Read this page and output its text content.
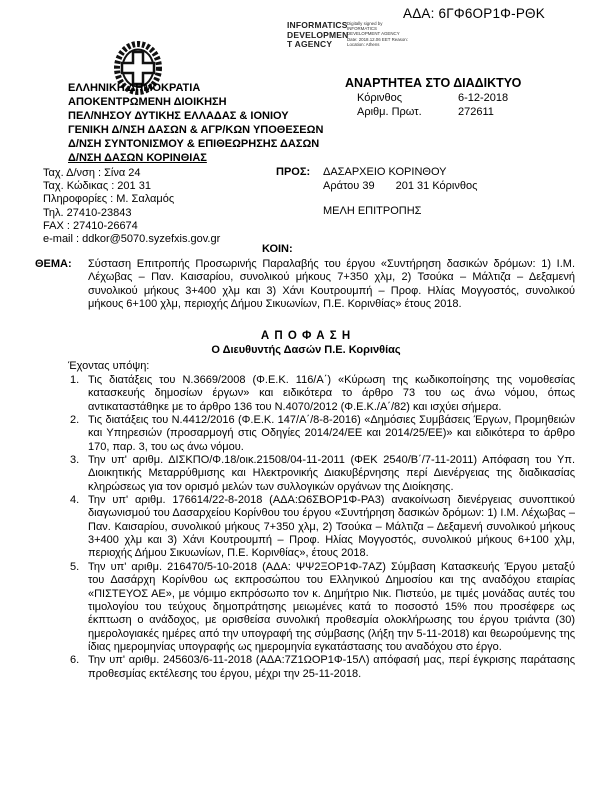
ΑΔΑ: 6ΓΦ6ΟΡ1Φ-ΡΘΚ
INFORMATICS
DEVELOPMEN
T AGENCY
Digitally signed by INFORMATICS DEVELOPMENT AGENCY Date: 2018.12.06 EET Reason: Location: Athens
ΕΛΛΗΝΙΚΗ ΔΗΜΟΚΡΑΤΙΑ
ΑΠΟΚΕΝΤΡΩΜΕΝΗ ΔΙΟΙΚΗΣΗ
ΠΕΛ/ΝΗΣΟΥ ΔΥΤΙΚΗΣ ΕΛΛΑΔΑΣ & ΙΟΝΙΟΥ
ΓΕΝΙΚΗ Δ/ΝΣΗ ΔΑΣΩΝ & ΑΓΡ/ΚΩΝ ΥΠΟΘΕΣΕΩΝ
Δ/ΝΣΗ ΣΥΝΤΟΝΙΣΜΟΥ & ΕΠΙΘΕΩΡΗΣΗΣ ΔΑΣΩΝ
Δ/ΝΣΗ ΔΑΣΩΝ ΚΟΡΙΝΘΙΑΣ
ΑΝΑΡΤΗΤΕΑ ΣΤΟ ΔΙΑΔΙΚΤΥΟ
Κόρινθος	6-12-2018
Αριθμ. Πρωτ.	272611
Ταχ. Δ/νση : Σίνα 24
Ταχ. Κώδικας : 201 31
Πληροφορίες : Μ. Σαλαμός
Τηλ. 27410-23843
FAX : 27410-26674
e-mail : ddkor@5070.syzefxis.gov.gr
ΠΡΟΣ: ΔΑΣΑΡΧΕΙΟ ΚΟΡΙΝΘΟΥ
Αράτου 39 201 31 Κόρινθος
ΜΕΛΗ ΕΠΙΤΡΟΠΗΣ
ΚΟΙΝ:
ΘΕΜΑ: Σύσταση Επιτροπής Προσωρινής Παραλαβής του έργου «Συντήρηση δασικών δρόμων: 1) Ι.Μ. Λέχωβας – Παν. Καισαρίου, συνολικού μήκους 7+350 χλμ, 2) Τσούκα – Μάλτιζα – Δεξαμενή συνολικού μήκους 3+400 χλμ και 3) Χάνι Κουτρουμπή – Προφ. Ηλίας Μογγοστός, συνολικού μήκους 6+100 χλμ, περιοχής Δήμου Σικυωνίων, Π.Ε. Κορινθίας» έτους 2018.
Α Π Ο Φ Α Σ Η
Ο Διευθυντής Δασών Π.Ε. Κορινθίας
Έχοντας υπόψη:
1. Τις διατάξεις του Ν.3669/2008 (Φ.Ε.Κ. 116/Α΄) «Κύρωση της κωδικοποίησης της νομοθεσίας κατασκευής δημοσίων έργων» και ειδικότερα το άρθρο 73 του ως άνω νόμου, όπως αντικαταστάθηκε με το άρθρο 136 του Ν.4070/2012 (Φ.Ε.Κ./Α΄/82) και ισχύει σήμερα.
2. Τις διατάξεις του Ν.4412/2016 (Φ.Ε.Κ. 147/Α΄/8-8-2016) «Δημόσιες Συμβάσεις Έργων, Προμηθειών και Υπηρεσιών (προσαρμογή στις Οδηγίες 2014/24/ΕΕ και 2014/25/ΕΕ)» και ειδικότερα το άρθρο 170, παρ. 3, του ως άνω νόμου.
3. Την υπ' αριθμ. ΔΙΣΚΠΟ/Φ.18/οικ.21508/04-11-2011 (ΦΕΚ 2540/Β΄/7-11-2011) Απόφαση του Υπ. Διοικητικής Μεταρρύθμισης και Ηλεκτρονικής Διακυβέρνησης περί Διενέργειας της διαδικασίας κληρώσεως για τον ορισμό μελών των συλλογικών οργάνων της Διοίκησης.
4. Την υπ' αριθμ. 176614/22-8-2018 (ΑΔΑ:Ω6ΣΒΟΡ1Φ-ΡΑ3) ανακοίνωση διενέργειας συνοπτικού διαγωνισμού του Δασαρχείου Κορίνθου του έργου «Συντήρηση δασικών δρόμων: 1) Ι.Μ. Λέχωβας – Παν. Καισαρίου, συνολικού μήκους 7+350 χλμ, 2) Τσούκα – Μάλτιζα – Δεξαμενή συνολικού μήκους 3+400 χλμ και 3) Χάνι Κουτρουμπή – Προφ. Ηλίας Μογγοστός, συνολικού μήκους 6+100 χλμ, περιοχής Δήμου Σικυωνίων, Π.Ε. Κορινθίας», έτους 2018.
5. Την υπ' αριθμ. 216470/5-10-2018 (ΑΔΑ: ΨΨ2ΞΟΡ1Φ-7ΑΖ) Σύμβαση Κατασκευής Έργου μεταξύ του Δασάρχη Κορίνθου ως εκπροσώπου του Ελληνικού Δημοσίου και της αναδόχου εταιρίας «ΠΙΣΤΕΥΟΣ ΑΕ», με νόμιμο εκπρόσωπο τον κ. Δημήτριο Νικ. Πιστεύο, με τιμές μονάδας αυτές του τιμολογίου του τεύχους δημοπράτησης μειωμένες κατά το ποσοστό 15% που προσέφερε ως έκπτωση ο ανάδοχος, με ορισθείσα συνολική προθεσμία ολοκλήρωσης του έργου τριάντα (30) ημερολογιακές ημέρες από την υπογραφή της σύμβασης (λήξη την 5-11-2018) και θεωρούμενης της ίδιας ημερομηνίας υπογραφής ως ημερομηνία εγκατάστασης του αναδόχου στο έργο.
6. Την υπ' αριθμ. 245603/6-11-2018 (ΑΔΑ:7Ζ1ΩΟΡ1Φ-15Λ) απόφασή μας, περί έγκρισης παράτασης προθεσμίας εκτέλεσης του έργου, μέχρι την 25-11-2018.
